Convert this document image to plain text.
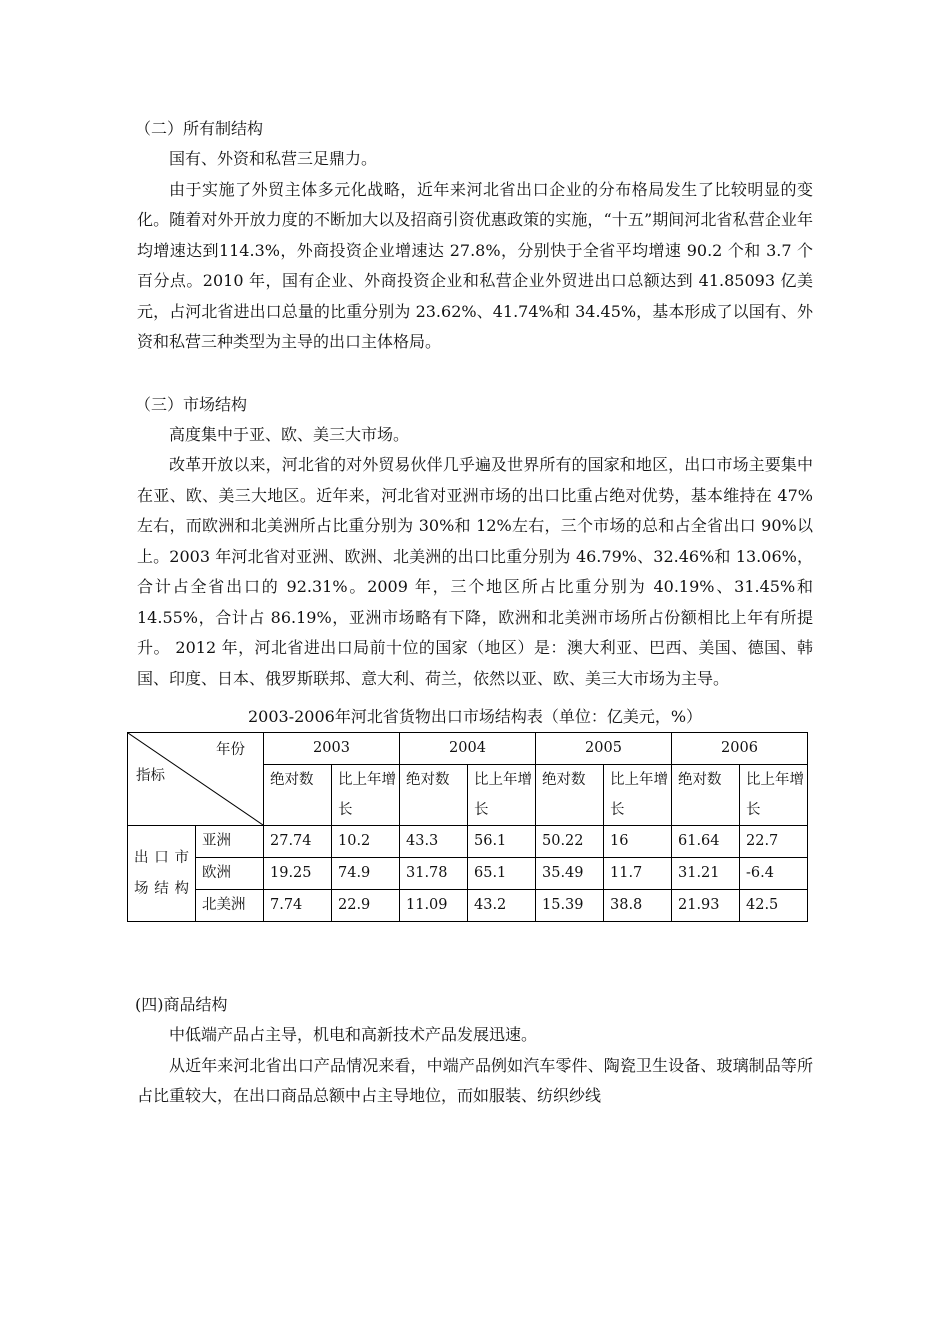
（二）所有制结构

国有、外资和私营三足鼎力。

由于实施了外贸主体多元化战略，近年来河北省出口企业的分布格局发生了比较明显的变化。随着对外开放力度的不断加大以及招商引资优惠政策的实施，“十五”期间河北省私营企业年均增速达到114.3%，外商投资企业增速达 27.8%，分别快于全省平均增速 90.2 个和 3.7 个百分点。2010 年，国有企业、外商投资企业和私营企业外贸进出口总额达到 41.85093 亿美元，占河北省进出口总量的比重分别为 23.62%、41.74%和 34.45%，基本形成了以国有、外资和私营三种类型为主导的出口主体格局。

（三）市场结构

高度集中于亚、欧、美三大市场。

改革开放以来，河北省的对外贸易伙伴几乎遍及世界所有的国家和地区，出口市场主要集中在亚、欧、美三大地区。近年来，河北省对亚洲市场的出口比重占绝对优势，基本维持在 47%左右，而欧洲和北美洲所占比重分别为 30%和 12%左右，三个市场的总和占全省出口 90%以上。2003 年河北省对亚洲、欧洲、北美洲的出口比重分别为 46.79%、32.46%和 13.06%，合计占全省出口的 92.31%。2009 年，三个地区所占比重分别为 40.19%、31.45%和 14.55%，合计占 86.19%，亚洲市场略有下降，欧洲和北美洲市场所占份额相比上年有所提升。 2012 年，河北省进出口局前十位的国家（地区）是：澳大利亚、巴西、美国、德国、韩国、印度、日本、俄罗斯联邦、意大利、荷兰，依然以亚、欧、美三大市场为主导。

2003-2006年河北省货物出口市场结构表（单位：亿美元，%）
年份
指标		2003		2004		2005		2006	
		绝对数	比上年增长	绝对数	比上年增长	绝对数	比上年增长	绝对数	比上年增长
出口市场结构	亚洲	27.74	10.2	43.3	56.1	50.22	16	61.64	22.7
	欧洲	19.25	74.9	31.78	65.1	35.49	11.7	31.21	-6.4
	北美洲	7.74	22.9	11.09	43.2	15.39	38.8	21.93	42.5
(四)商品结构

中低端产品占主导，机电和高新技术产品发展迅速。

从近年来河北省出口产品情况来看，中端产品例如汽车零件、陶瓷卫生设备、玻璃制品等所占比重较大，在出口商品总额中占主导地位，而如服装、纺织纱线
